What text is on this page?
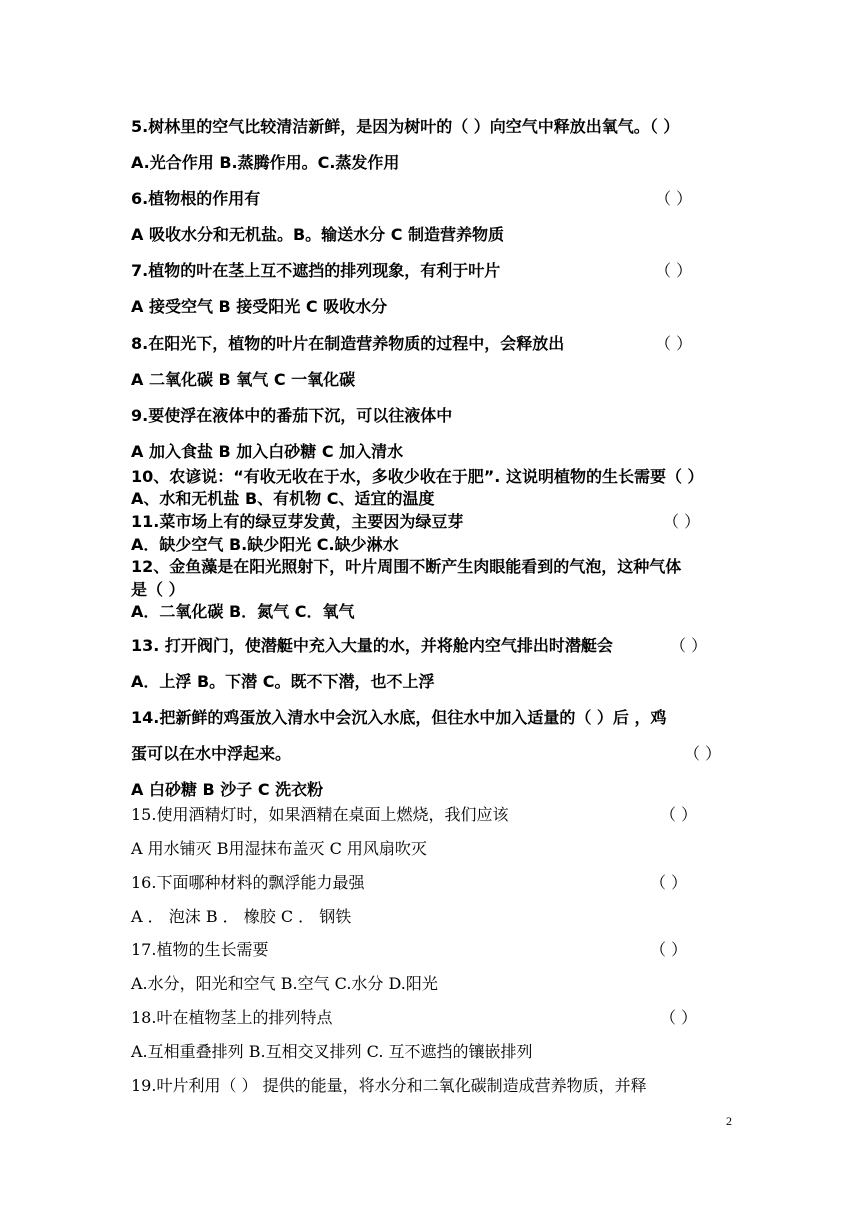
5.树林里的空气比较清洁新鲜，是因为树叶的（ ）向空气中释放出氧气。（ ）
A.光合作用 B.蒸腾作用。C.蒸发作用
6.植物根的作用有	（ ）
A 吸收水分和无机盐。B。输送水分 C 制造营养物质
7.植物的叶在茎上互不遮挡的排列现象，有利于叶片	（ ）
A 接受空气 B 接受阳光 C 吸收水分
8.在阳光下，植物的叶片在制造营养物质的过程中，会释放出	（ ）
A 二氧化碳 B 氧气 C 一氧化碳
9.要使浮在液体中的番茄下沉，可以往液体中
A 加入食盐 B 加入白砂糖 C 加入清水
10、农谚说：“有收无收在于水，多收少收在于肥”. 这说明植物的生长需要（ ）
A、水和无机盐 B、有机物 C、适宜的温度
11.菜市场上有的绿豆芽发黄，主要因为绿豆芽	（ ）
A．缺少空气 B.缺少阳光 C.缺少淋水
12、金鱼藻是在阳光照射下，叶片周围不断产生肉眼能看到的气泡，这种气体
是（ ）
A．二氧化碳 B．氮气 C．氧气
13. 打开阀门，使潜艇中充入大量的水，并将舱内空气排出时潜艇会	（ ）
A．上浮 B。下潜 C。既不下潜，也不上浮
14.把新鲜的鸡蛋放入清水中会沉入水底，但往水中加入适量的（ ）后 ，鸡
蛋可以在水中浮起来。	（ ）
A 白砂糖 B 沙子 C 洗衣粉
15.使用酒精灯时，如果酒精在桌面上燃烧，我们应该	（ ）
A 用水铺灭 B用湿抹布盖灭 C 用风扇吹灭
16.下面哪种材料的飘浮能力最强	（ ）
A ． 泡沫 B ． 橡胶 C ． 钢铁
17.植物的生长需要	（ ）
A.水分，阳光和空气 B.空气 C.水分 D.阳光
18.叶在植物茎上的排列特点	（ ）
A.互相重叠排列 B.互相交叉排列 C. 互不遮挡的镶嵌排列
19.叶片利用（ ） 提供的能量，将水分和二氧化碳制造成营养物质，并释
2
